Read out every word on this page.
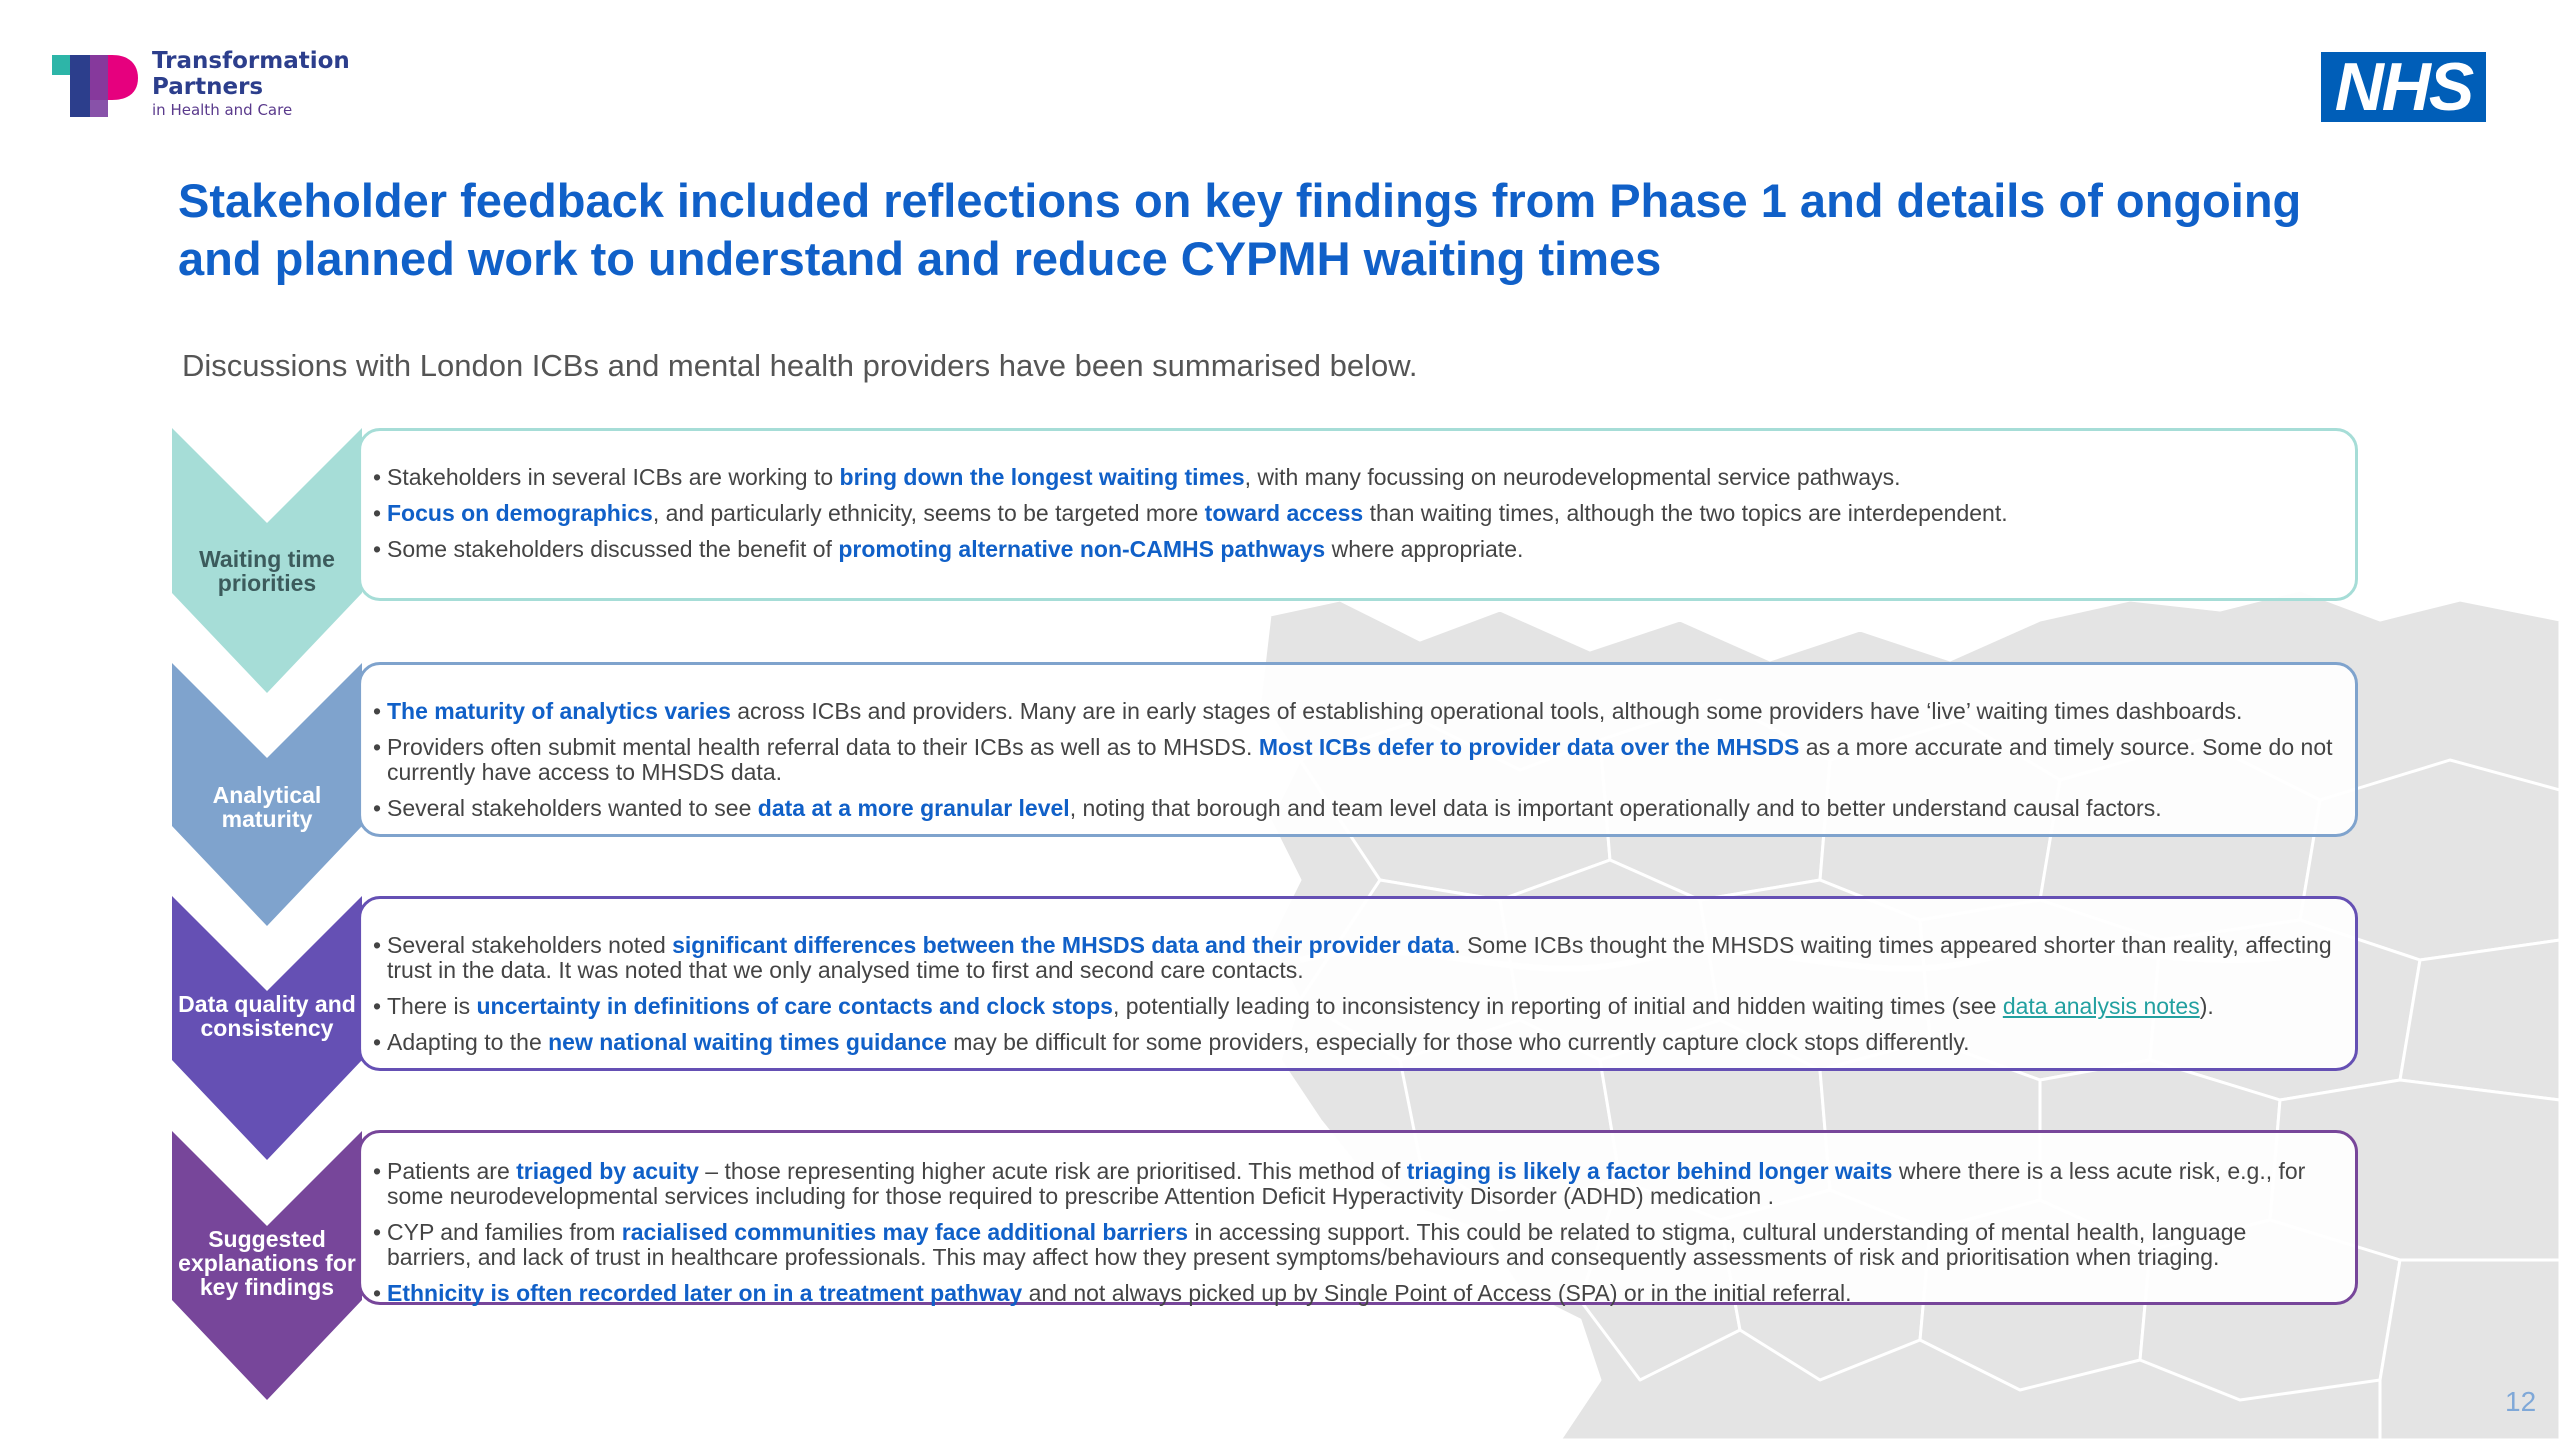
Transformation
Partners
in Health and Care	NHS
Stakeholder feedback included reflections on key findings from Phase 1 and details of ongoing and planned work to understand and reduce CYPMH waiting times

Discussions with London ICBs and mental health providers have been summarised below.

Waiting time priorities
Analytical maturity
Data quality and consistency
Suggested explanations for key findings
• Stakeholders in several ICBs are working to bring down the longest waiting times, with many focussing on neurodevelopmental service pathways.
• Focus on demographics, and particularly ethnicity, seems to be targeted more toward access than waiting times, although the two topics are interdependent.
• Some stakeholders discussed the benefit of promoting alternative non-CAMHS pathways where appropriate.
• The maturity of analytics varies across ICBs and providers. Many are in early stages of establishing operational tools, although some providers have ‘live’ waiting times dashboards.
• Providers often submit mental health referral data to their ICBs as well as to MHSDS. Most ICBs defer to provider data over the MHSDS as a more accurate and timely source. Some do not currently have access to MHSDS data.
• Several stakeholders wanted to see data at a more granular level, noting that borough and team level data is important operationally and to better understand causal factors.
• Several stakeholders noted significant differences between the MHSDS data and their provider data. Some ICBs thought the MHSDS waiting times appeared shorter than reality, affecting trust in the data. It was noted that we only analysed time to first and second care contacts.
• There is uncertainty in definitions of care contacts and clock stops, potentially leading to inconsistency in reporting of initial and hidden waiting times (see data analysis notes).
• Adapting to the new national waiting times guidance may be difficult for some providers, especially for those who currently capture clock stops differently.
• Patients are triaged by acuity – those representing higher acute risk are prioritised. This method of triaging is likely a factor behind longer waits where there is a less acute risk, e.g., for some neurodevelopmental services including for those required to prescribe Attention Deficit Hyperactivity Disorder (ADHD) medication .
• CYP and families from racialised communities may face additional barriers in accessing support. This could be related to stigma, cultural understanding of mental health, language barriers, and lack of trust in healthcare professionals. This may affect how they present symptoms/behaviours and consequently assessments of risk and prioritisation when triaging.
• Ethnicity is often recorded later on in a treatment pathway and not always picked up by Single Point of Access (SPA) or in the initial referral.
12
